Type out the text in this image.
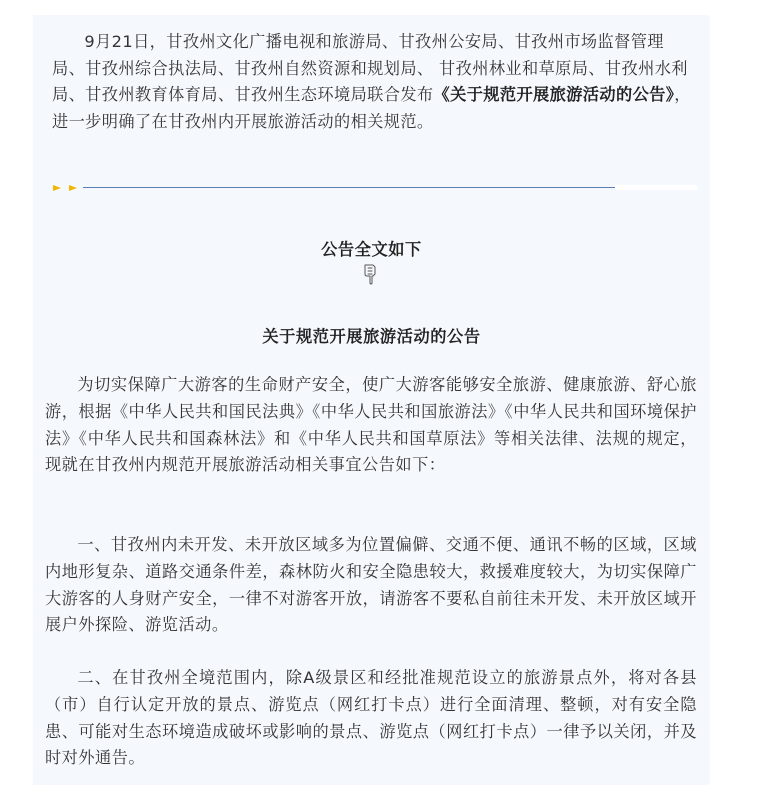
9月21日，甘孜州文化广播电视和旅游局、甘孜州公安局、甘孜州市场监督管理局、甘孜州综合执法局、甘孜州自然资源和规划局、 甘孜州林业和草原局、甘孜州水利局、甘孜州教育体育局、甘孜州生态环境局联合发布《关于规范开展旅游活动的公告》，进一步明确了在甘孜州内开展旅游活动的相关规范。

公告全文如下

关于规范开展旅游活动的公告

为切实保障广大游客的生命财产安全，使广大游客能够安全旅游、健康旅游、舒心旅游，根据《中华人民共和国民法典》《中华人民共和国旅游法》《中华人民共和国环境保护法》《中华人民共和国森林法》和《中华人民共和国草原法》等相关法律、法规的规定，现就在甘孜州内规范开展旅游活动相关事宜公告如下：

一、甘孜州内未开发、未开放区域多为位置偏僻、交通不便、通讯不畅的区域，区域内地形复杂、道路交通条件差，森林防火和安全隐患较大，救援难度较大，为切实保障广大游客的人身财产安全，一律不对游客开放，请游客不要私自前往未开发、未开放区域开展户外探险、游览活动。

二、在甘孜州全境范围内，除A级景区和经批准规范设立的旅游景点外，将对各县（市）自行认定开放的景点、游览点（网红打卡点）进行全面清理、整顿，对有安全隐患、可能对生态环境造成破坏或影响的景点、游览点（网红打卡点）一律予以关闭，并及时对外通告。
